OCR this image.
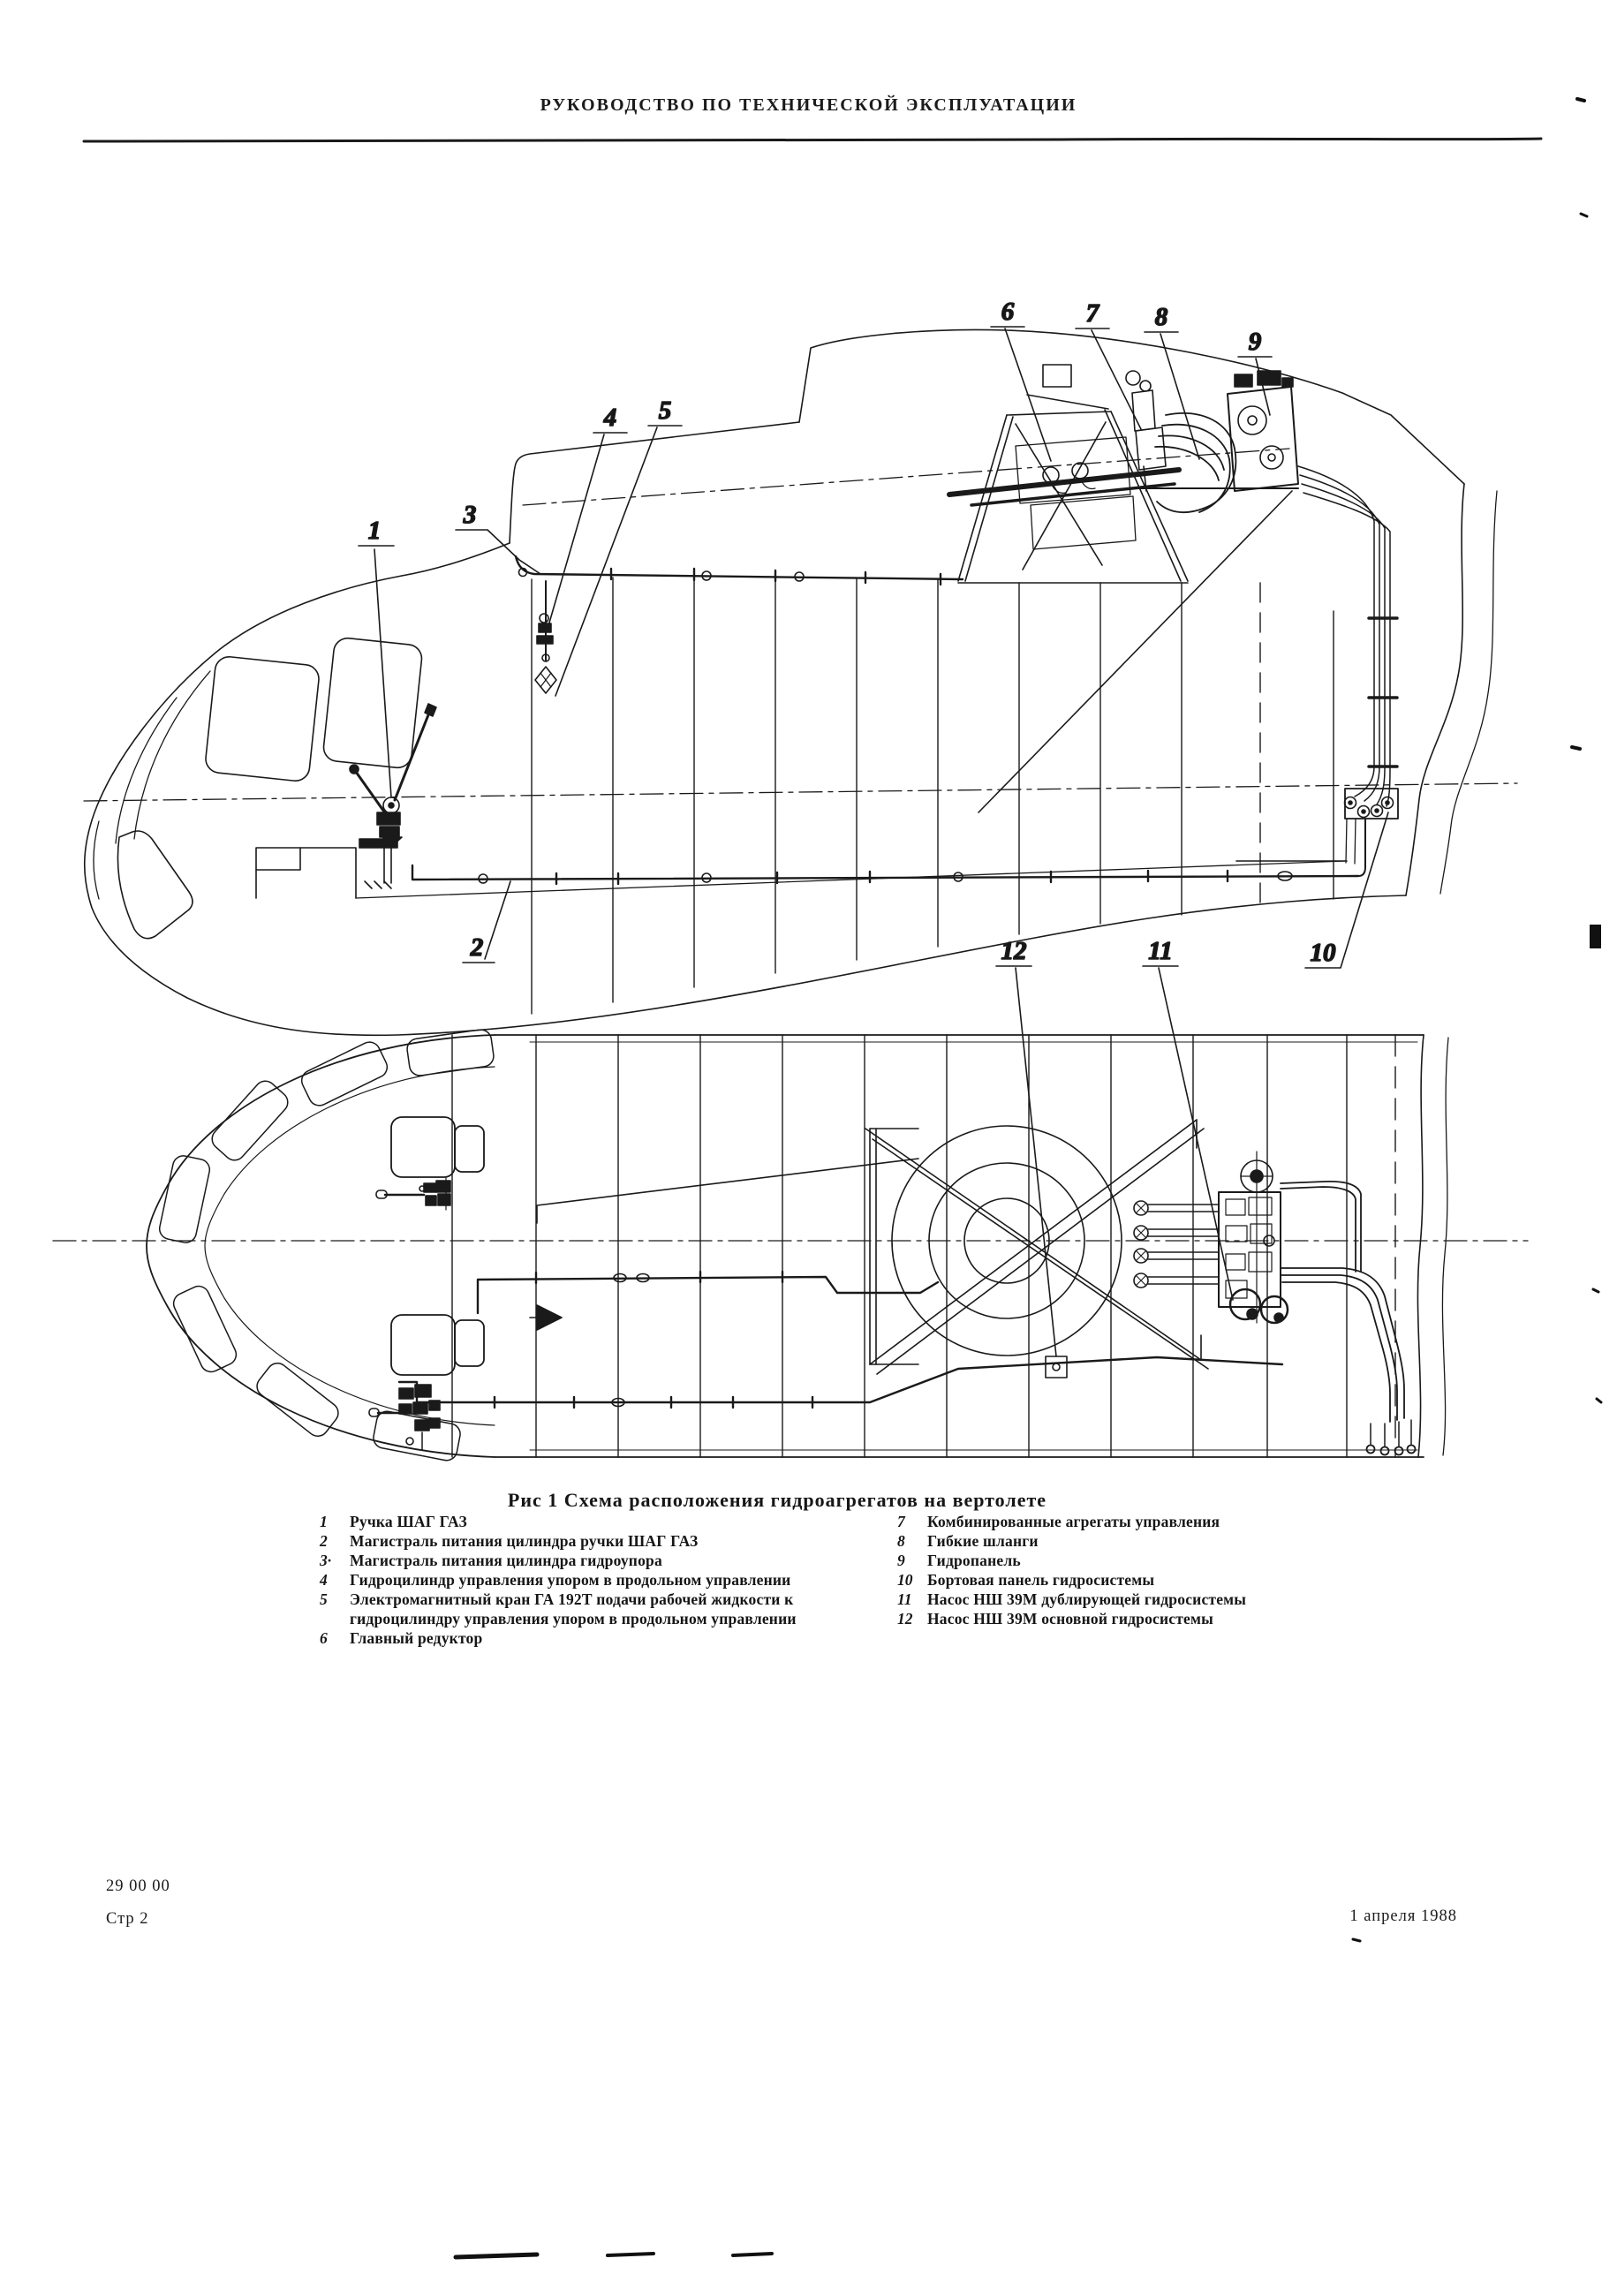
РУКОВОДСТВО ПО ТЕХНИЧЕСКОЙ ЭКСПЛУАТАЦИИ
1
2
3
4 5
6	7 8
9
10
11
12
Рис 1 Схема расположения гидроагрегатов на вертолете
1	Ручка ШАГ ГАЗ
2	Магистраль питания цилиндра ручки ШАГ ГАЗ
3·	Магистраль питания цилиндра гидроупора
4	Гидроцилиндр управления упором в продольном управлении
5	Электромагнитный кран ГА 192Т подачи рабочей жидкости к гидроцилиндру управления упором в продольном управлении
6	Главный редуктор
7	Комбинированные агрегаты управления
8	Гибкие шланги
9	Гидропанель
10 Бортовая панель гидросистемы
11 Насос НШ 39М дублирующей гидросистемы
12 Насос НШ 39М основной гидросистемы
29 00 00
Стр 2	1 апреля 1988
